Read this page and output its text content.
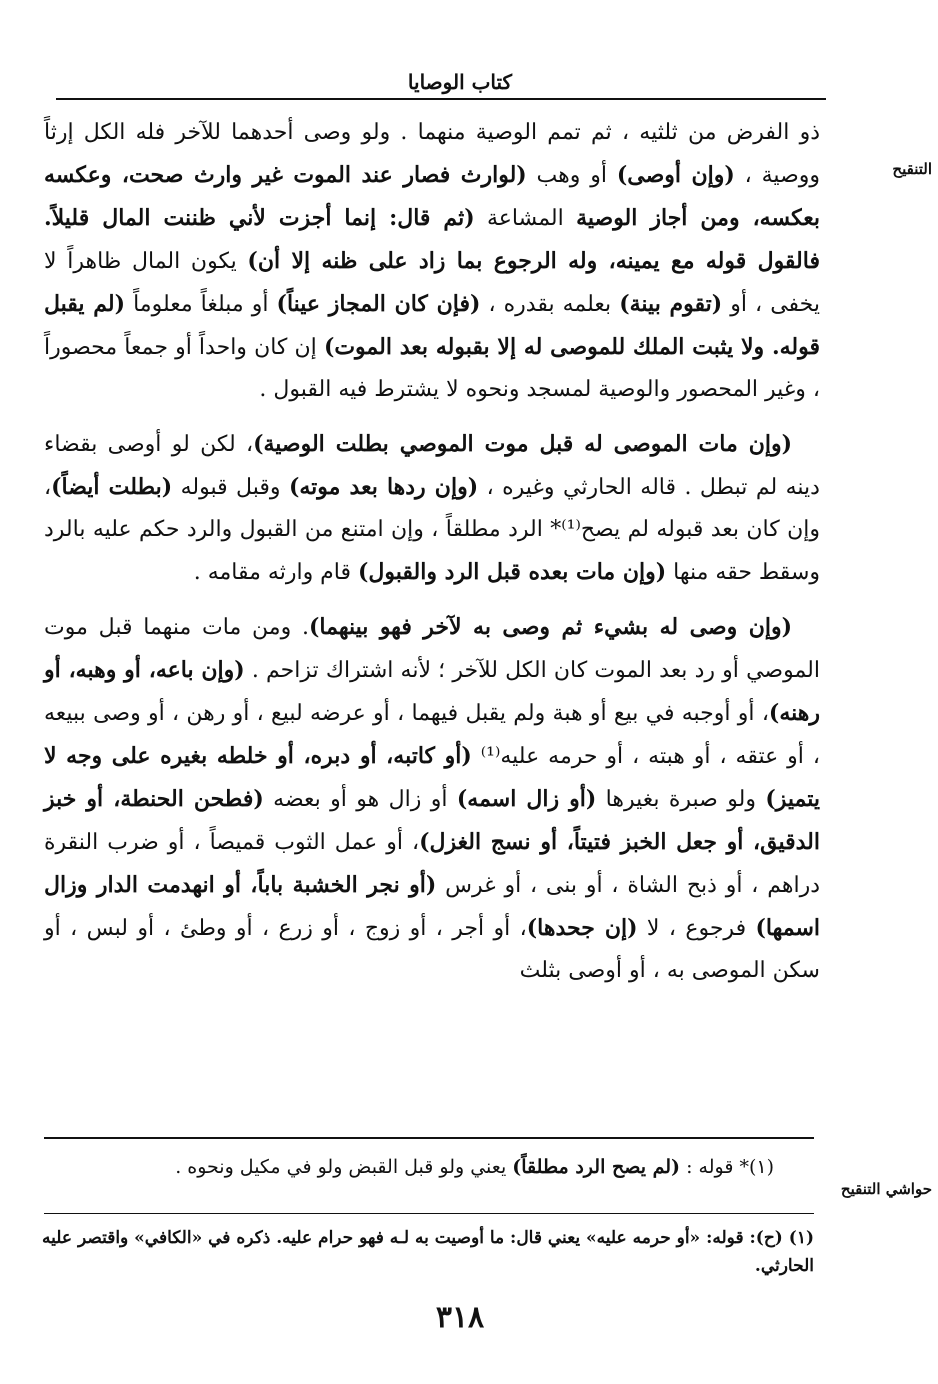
كتاب الوصايا
التنقيح
حواشي التنقيح

ذو الفرض من ثلثيه ، ثم تمم الوصية منهما . ولو وصى أحدهما للآخر فله الكل إرثاً ووصية ، (وإن أوصى) أو وهب (لوارث فصار عند الموت غير وارث صحت، وعكسه بعكسه، ومن أجاز الوصية المشاعة (ثم قال: إنما أجزت لأني ظننت المال قليلاً. فالقول قوله مع يمينه، وله الرجوع بما زاد على ظنه إلا أن) يكون المال ظاهراً لا يخفى ، أو (تقوم بينة) بعلمه بقدره ، (فإن كان المجاز عيناً) أو مبلغاً معلوماً (لم يقبل قوله. ولا يثبت الملك للموصى له إلا بقبوله بعد الموت) إن كان واحداً أو جمعاً محصوراً ، وغير المحصور والوصية لمسجد ونحوه لا يشترط فيه القبول .

(وإن مات الموصى له قبل موت الموصي بطلت الوصية)، لكن لو أوصى بقضاء دينه لم تبطل . قاله الحارثي وغيره ، (وإن ردها بعد موته) وقبل قبوله (بطلت أيضاً)، وإن كان بعد قبوله لم يصح⁽¹⁾* الرد مطلقاً ، وإن امتنع من القبول والرد حكم عليه بالرد وسقط حقه منها (وإن مات بعده قبل الرد والقبول) قام وارثه مقامه .

(وإن وصى له بشيء ثم وصى به لآخر فهو بينهما). ومن مات منهما قبل موت الموصي أو رد بعد الموت كان الكل للآخر ؛ لأنه اشتراك تزاحم . (وإن باعه، أو وهبه، أو رهنه)، أو أوجبه في بيع أو هبة ولم يقبل فيهما ، أو عرضه لبيع ، أو رهن ، أو وصى ببيعه ، أو عتقه ، أو هبته ، أو حرمه عليه⁽¹⁾ (أو كاتبه، أو دبره، أو خلطه بغيره على وجه لا يتميز) ولو صبرة بغيرها (أو زال اسمه) أو زال هو أو بعضه (فطحن الحنطة، أو خبز الدقيق، أو جعل الخبز فتيتاً، أو نسج الغزل)، أو عمل الثوب قميصاً ، أو ضرب النقرة دراهم ، أو ذبح الشاة ، أو بنى ، أو غرس (أو نجر الخشبة باباً، أو انهدمت الدار وزال اسمها) فرجوع ، لا (إن جحدها)، أو أجر ، أو زوج ، أو زرع ، أو وطئ ، أو لبس ، أو سكن الموصى به ، أو أوصى بثلث

(١)* قوله : (لم يصح الرد مطلقاً) يعني ولو قبل القبض ولو في مكيل ونحوه .
(١) (ح): قوله: «أو حرمه عليه» يعني قال: ما أوصيت به لـه فهو حرام عليه. ذكره في «الكافي» واقتصر عليه الحارثي.
٣١٨
